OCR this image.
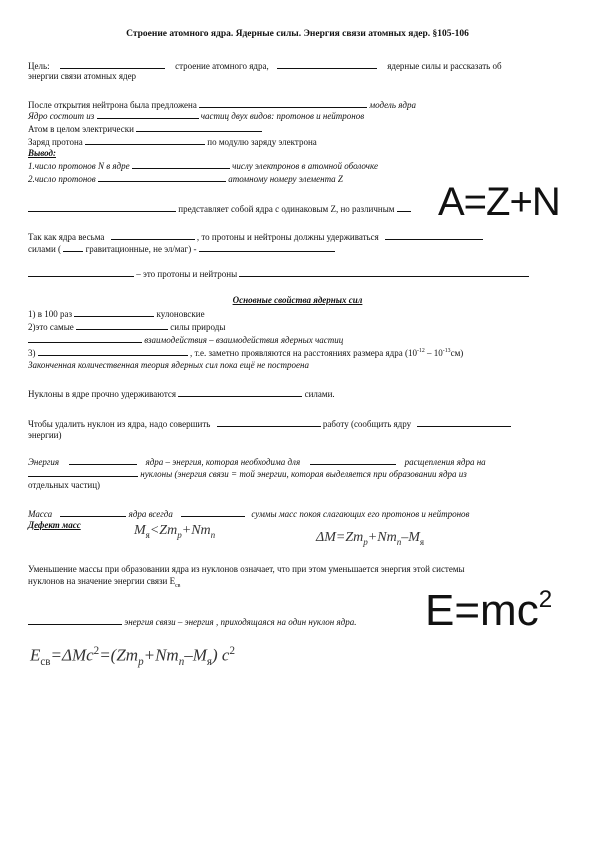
Строение атомного ядра. Ядерные силы. Энергия связи атомных ядер. §105-106
Цель:	строение атомного ядра,	ядерные силы и рассказать об
энергии связи атомных ядер
После открытия нейтрона была предложена	модель ядра
Ядро состоит из	частиц двух видов: протонов и нейтронов
Атом в целом электрически
Заряд протона	по модулю заряду электрона
Вывод:
1.число протонов N в ядре	числу электронов в атомной оболочке
2.число протонов	атомному номеру элемента Z
представляет собой ядра с одинаковым Z, но различным	A=Z+N
Так как ядра весьма	, то протоны и нейтроны должны удерживаться
силами (	гравитационные, не эл/маг) -
– это протоны и нейтроны
Основные свойства ядерных сил
1) в 100 раз	кулоновские
2)это самые	силы природы
взаимодействия – взаимодействия ядерных частиц
3)	, т.е. заметно проявляются на расстояниях размера ядра $(10^{-12} - 10^{-13}см)$
Законченная количественная теория ядерных сил пока ещё не построена
Нуклоны в ядре прочно удерживаются	силами.
Чтобы удалить нуклон из ядра, надо совершить	работу (сообщить ядру
энергии)
Энергия	ядра – энергия, которая необходима для	расщепления ядра на
нуклоны (энергия связи = той энергии, которая выделяется при образовании ядра из
отдельных частиц)
Масса	ядра всегда	суммы масс покоя слагающих его протонов и нейтронов
Дефект масс	$M_я<Zm_p+Nm_n$	$\Delta M=Zm_p+Nm_n-M_я$
Уменьшение массы при образовании ядра из нуклонов означает, что при этом уменьшается энергия этой системы
нуклонов на значение энергии связи $E_{св}$
энергия связи – энергия , приходящаяся на один нуклон ядра. $E=mc^2$
$E_{св}=\Delta Mc^2=(Zm_p+Nm_n-M_я)$ $c^2$
